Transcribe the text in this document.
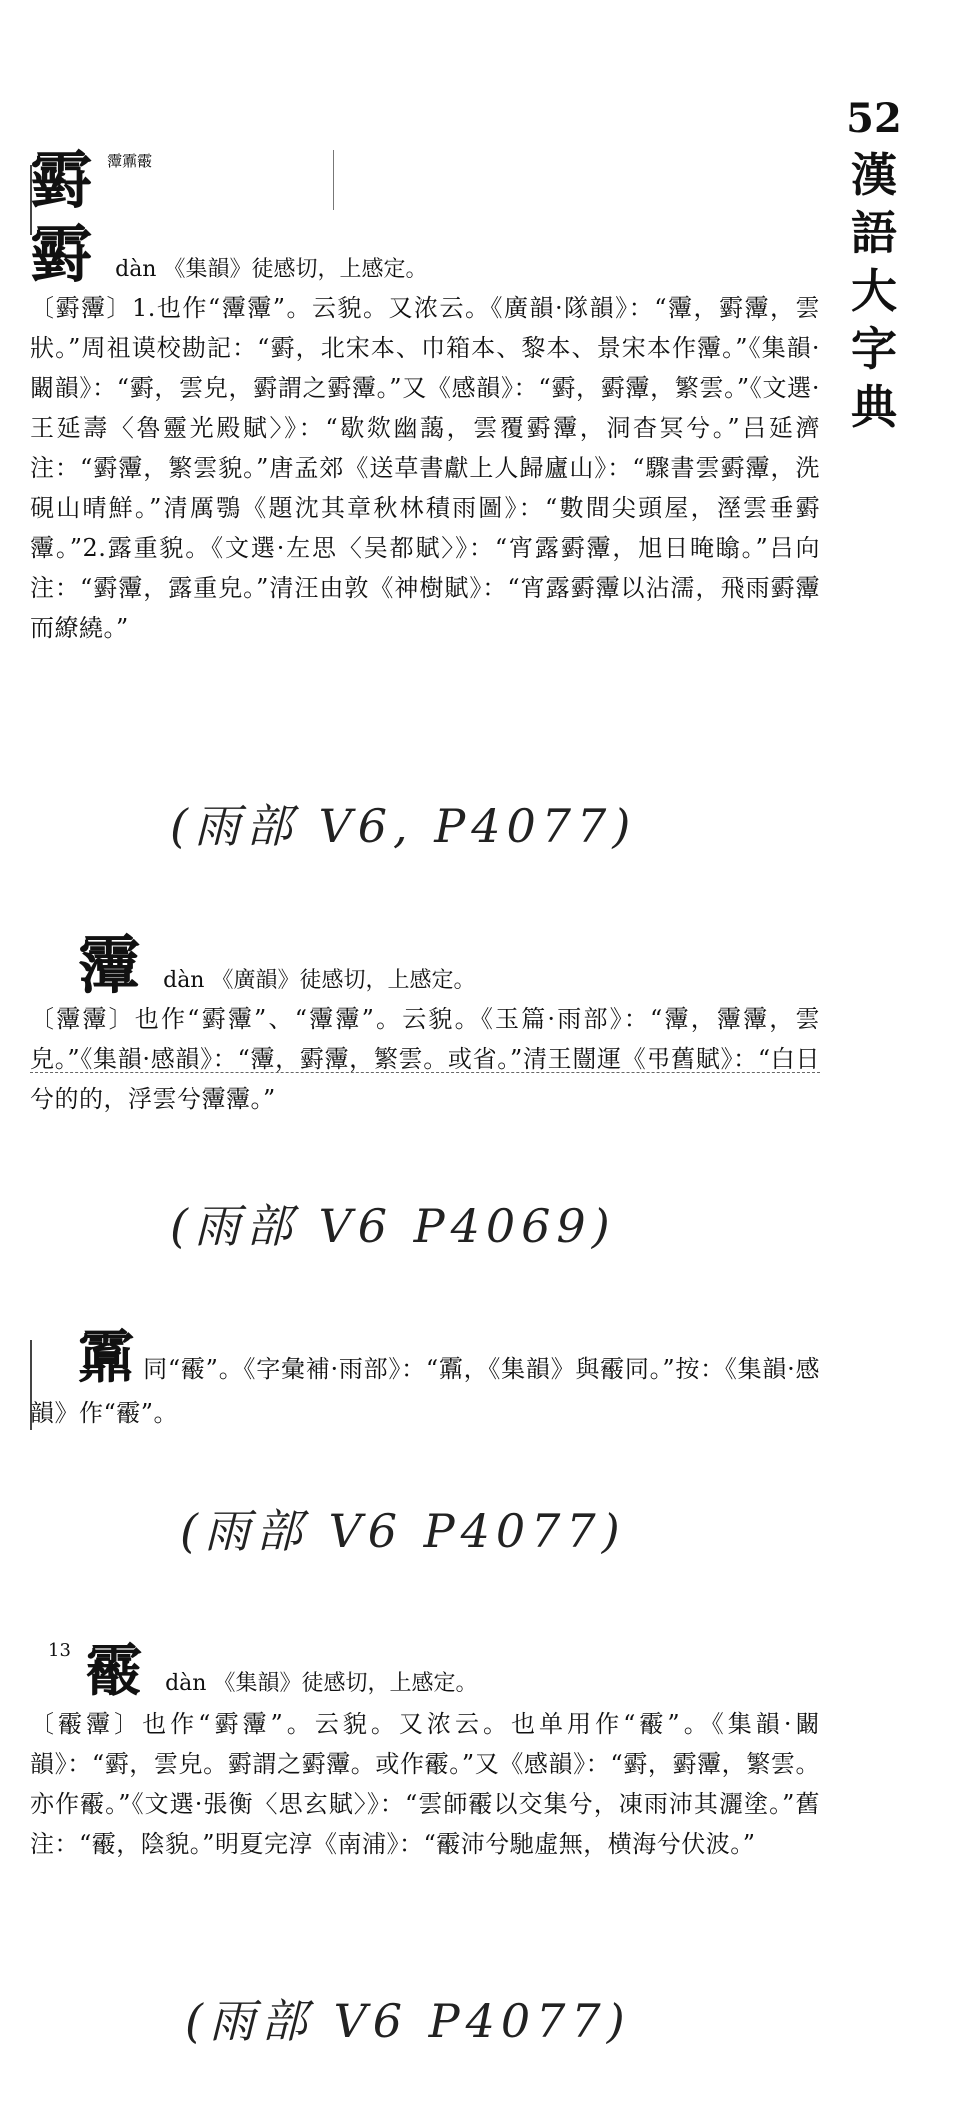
52
漢
語
大
字
典
䨴 䨵䨶䨷
䨴 dàn 《集韻》徒感切，上感定。
〔䨴䨵〕1.也作“䨵䨵”。云貌。又浓云。《廣韻·隊韻》：“䨵，䨴䨵，雲狀。”周祖谟校勘記：“䨴，北宋本、巾箱本、黎本、景宋本作䨵。”《集韻·闞韻》：“䨴，雲皃，䨴謂之䨴䨵。”又《感韻》：“䨴，䨴䨵，繁雲。”《文選·王延壽〈魯靈光殿賦〉》：“歇欻幽藹，雲覆䨴䨵，洞杳冥兮。”吕延濟注：“䨴䨵，繁雲貌。”唐孟郊《送草書獻上人歸廬山》：“驟書雲䨴䨵，洗硯山晴鮮。”清厲鶚《題沈其章秋林積雨圖》：“數間尖頭屋，溼雲垂䨴䨵。”2.露重貌。《文選·左思〈吴都賦〉》：“宵露䨴䨵，旭日晻䁯。”吕向注：“䨴䨵，露重皃。”清汪由敦《神樹賦》：“宵露䨴䨵以沾濡，飛雨䨴䨵而繚繞。”
(雨部 V6, P4077)
䨵 dàn 《廣韻》徒感切，上感定。
〔䨵䨵〕也作“䨴䨵”、“䨵䨵”。云貌。《玉篇·雨部》：“䨵，䨵䨵，雲皃。”《集韻·感韻》：“䨵，䨴䨵，繁雲。或省。”清王闓運《弔舊賦》：“白日兮的的，浮雲兮䨵䨵。”
(雨部 V6 P4069)
䨶 同“䨷”。《字彙補·雨部》：“䨶，《集韻》與䨷同。”按：《集韻·感韻》作“䨷”。
(雨部 V6 P4077)
13 䨷 dàn 《集韻》徒感切，上感定。
〔䨷䨵〕也作“䨴䨵”。云貌。又浓云。也单用作“䨷”。《集韻·闞韻》：“䨴，雲皃。䨴謂之䨴䨵。或作䨷。”又《感韻》：“䨴，䨴䨵，繁雲。亦作䨷。”《文選·張衡〈思玄賦〉》：“雲師䨷以交集兮，凍雨沛其灑塗。”舊注：“䨷，陰貌。”明夏完淳《南浦》：“䨷沛兮馳虛無，横海兮伏波。”
(雨部 V6 P4077)
